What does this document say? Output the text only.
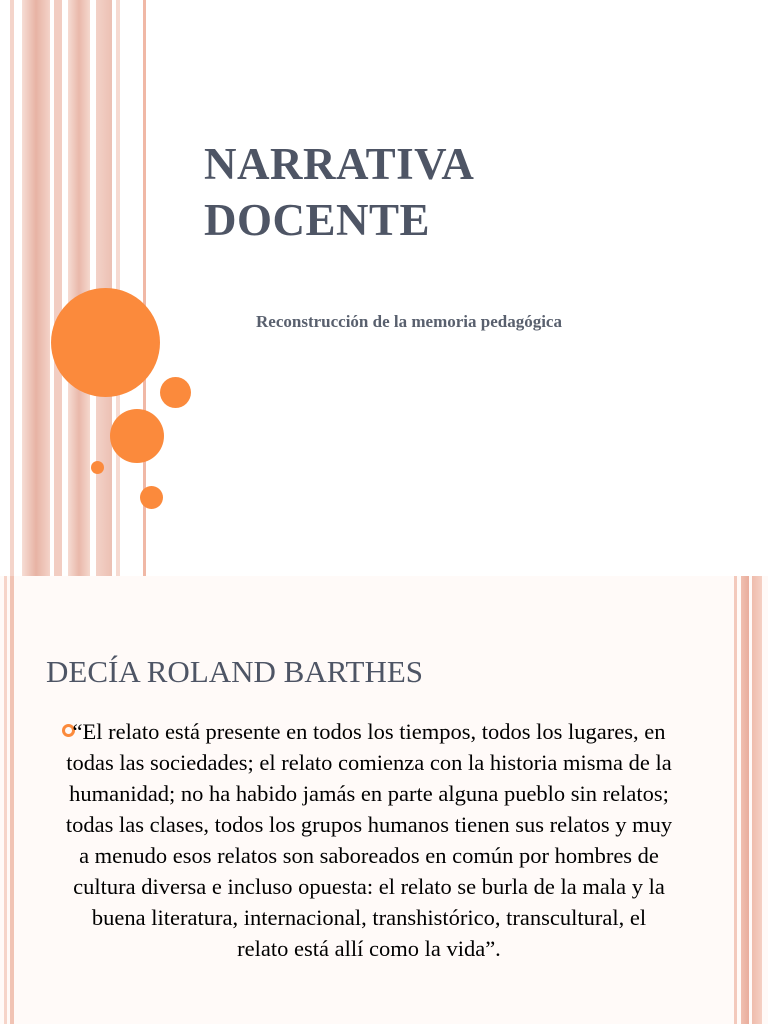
NARRATIVA
DOCENTE

Reconstrucción de la memoria pedagógica

DECÍA ROLAND BARTHES

“El relato está presente en todos los tiempos, todos los lugares, en todas las sociedades; el relato comienza con la historia misma de la humanidad; no ha habido jamás en parte alguna pueblo sin relatos; todas las clases, todos los grupos humanos tienen sus relatos y muy a menudo esos relatos son saboreados en común por hombres de cultura diversa e incluso opuesta: el relato se burla de la mala y la buena literatura, internacional, transhistórico, transcultural, el relato está allí como la vida”.
